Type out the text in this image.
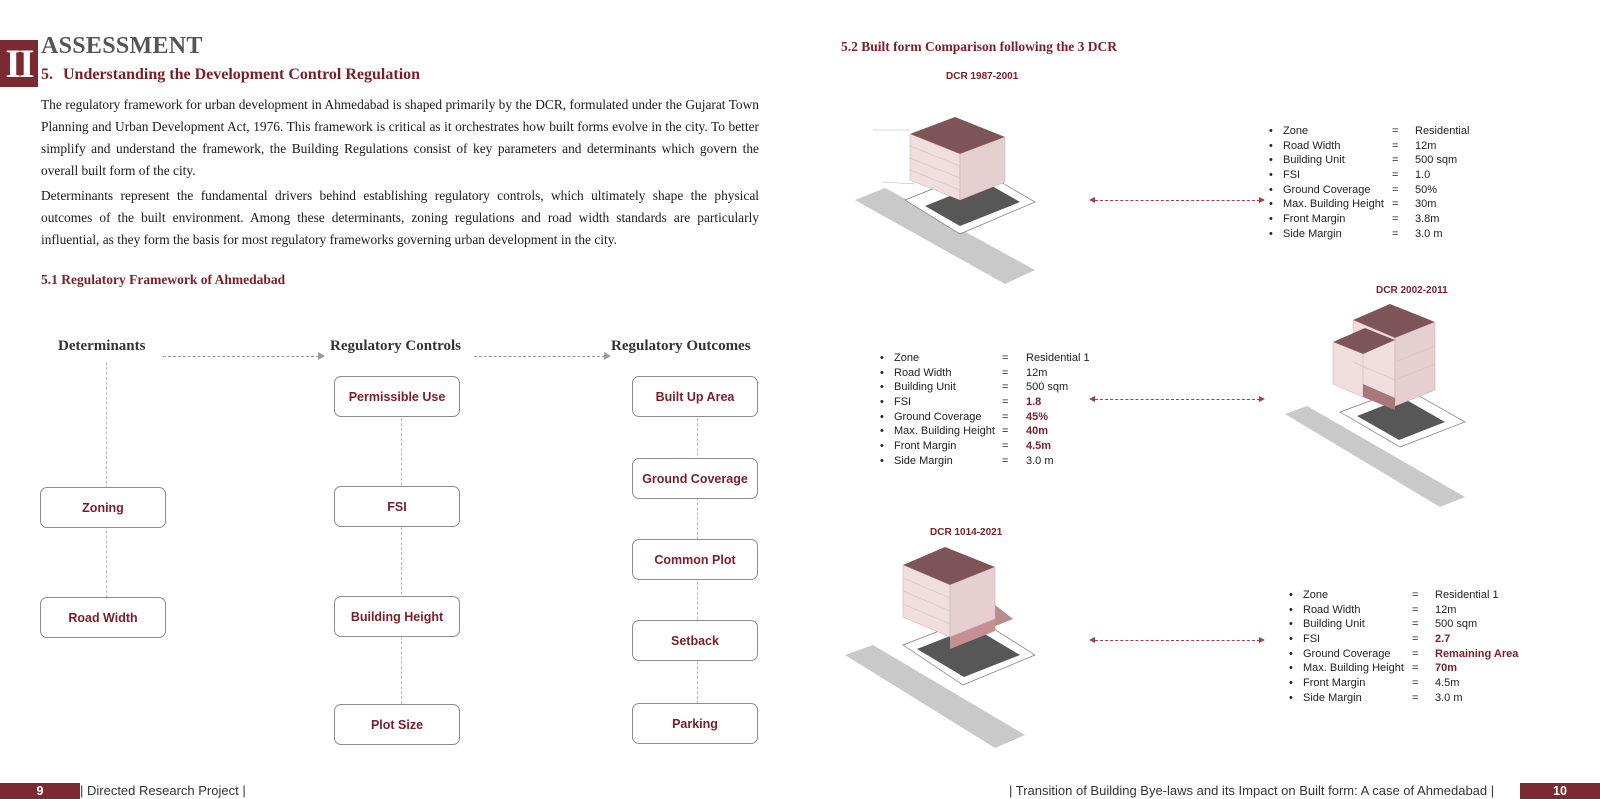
II ASSESSMENT
5. Understanding the Development Control Regulation

The regulatory framework for urban development in Ahmedabad is shaped primarily by the DCR, formulated under the Gujarat Town Planning and Urban Development Act, 1976. This framework is critical as it orchestrates how built forms evolve in the city. To better simplify and understand the framework, the Building Regulations consist of key parameters and determinants which govern the overall built form of the city.

Determinants represent the fundamental drivers behind establishing regulatory controls, which ultimately shape the physical outcomes of the built environment. Among these determinants, zoning regulations and road width standards are particularly influential, as they form the basis for most regulatory frameworks governing urban development in the city.

5.1 Regulatory Framework of Ahmedabad
Determinants	Regulatory Controls	Regulatory Outcomes
Zoning
Road Width
Permissible Use
FSI
Building Height
Plot Size
Built Up Area
Ground Coverage
Common Plot
Setback
Parking
5.2 Built form Comparison following the 3 DCR
DCR 1987-2001
• Zone	= Residential
• Road Width	= 12m
• Building Unit	= 500 sqm
• FSI	= 1.0
• Ground Coverage = 50%
• Max. Building Height = 30m
• Front Margin	= 3.8m
• Side Margin	= 3.0 m
DCR 2002-2011
• Zone	= Residential 1
• Road Width	= 12m
• Building Unit	= 500 sqm
• FSI	= 1.8
• Ground Coverage = 45%
• Max. Building Height = 40m
• Front Margin	= 4.5m
• Side Margin	= 3.0 m
DCR 1014-2021
• Zone	= Residential 1
• Road Width	= 12m
• Building Unit	= 500 sqm
• FSI	= 2.7
• Ground Coverage = Remaining Area
• Max. Building Height = 70m
• Front Margin	= 4.5m
• Side Margin	= 3.0 m
9	| Directed Research Project |	| Transition of Building Bye-laws and its Impact on Built form: A case of Ahmedabad |	10
